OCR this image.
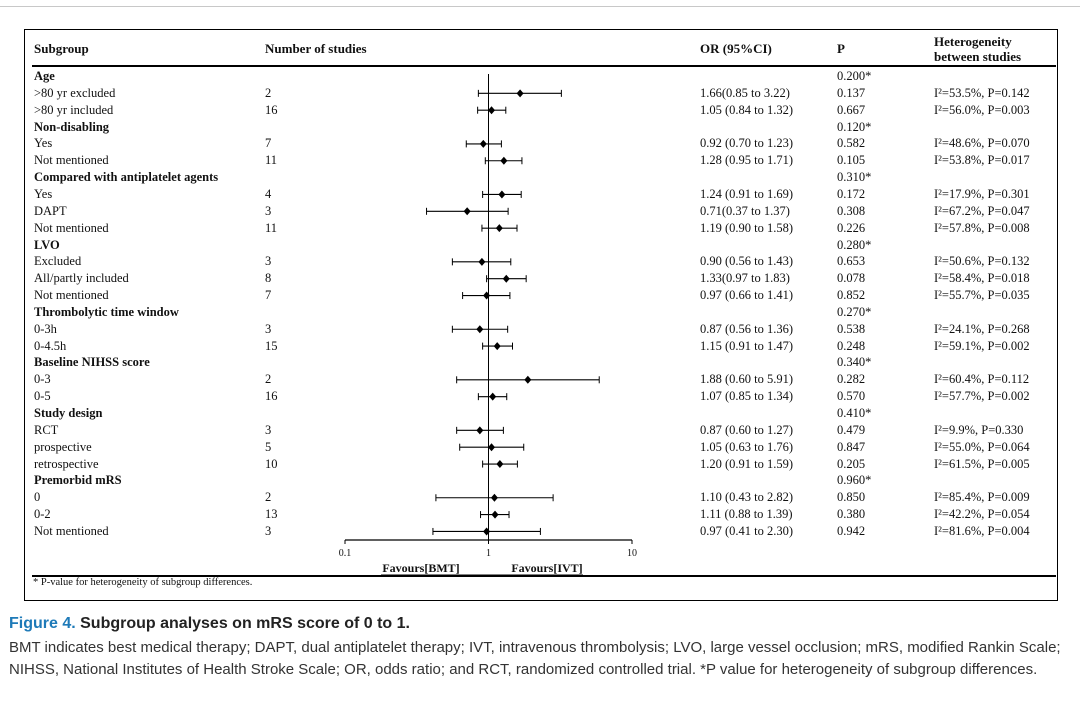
Subgroup	Number of studies	OR (95%CI)	P	Heterogeneity
between studies
Age	0.200*
>80 yr excluded	2	1.66(0.85 to 3.22)	0.137	I²=53.5%, P=0.142
>80 yr included	16	1.05 (0.84 to 1.32)	0.667	I²=56.0%, P=0.003
Non-disabling	0.120*
Yes	7	0.92 (0.70 to 1.23)	0.582	I²=48.6%, P=0.070
Not mentioned	11	1.28 (0.95 to 1.71)	0.105	I²=53.8%, P=0.017
Compared with antiplatelet agents	0.310*
Yes	4	1.24 (0.91 to 1.69)	0.172	I²=17.9%, P=0.301
DAPT	3	0.71(0.37 to 1.37)	0.308	I²=67.2%, P=0.047
Not mentioned	11	1.19 (0.90 to 1.58)	0.226	I²=57.8%, P=0.008
LVO	0.280*
Excluded	3	0.90 (0.56 to 1.43)	0.653	I²=50.6%, P=0.132
All/partly included	8	1.33(0.97 to 1.83)	0.078	I²=58.4%, P=0.018
Not mentioned	7	0.97 (0.66 to 1.41)	0.852	I²=55.7%, P=0.035
Thrombolytic time window	0.270*
0-3h	3	0.87 (0.56 to 1.36)	0.538	I²=24.1%, P=0.268
0-4.5h	15	1.15 (0.91 to 1.47)	0.248	I²=59.1%, P=0.002
Baseline NIHSS score	0.340*
0-3	2	1.88 (0.60 to 5.91)	0.282	I²=60.4%, P=0.112
0-5	16	1.07 (0.85 to 1.34)	0.570	I²=57.7%, P=0.002
Study design	0.410*
RCT	3	0.87 (0.60 to 1.27)	0.479	I²=9.9%, P=0.330
prospective	5	1.05 (0.63 to 1.76)	0.847	I²=55.0%, P=0.064
retrospective	10	1.20 (0.91 to 1.59)	0.205	I²=61.5%, P=0.005
Premorbid mRS	0.960*
0	2	1.10 (0.43 to 2.82)	0.850	I²=85.4%, P=0.009
0-2	13	1.11 (0.88 to 1.39)	0.380	I²=42.2%, P=0.054
Not mentioned	3	0.97 (0.41 to 2.30)	0.942	I²=81.6%, P=0.004
0.1	1	10
Favours[BMT]	Favours[IVT]
* P-value for heterogeneity of subgroup differences.
Figure 4. Subgroup analyses on mRS score of 0 to 1.
BMT indicates best medical therapy; DAPT, dual antiplatelet therapy; IVT, intravenous thrombolysis; LVO, large vessel occlusion; mRS, modified Rankin Scale; NIHSS, National Institutes of Health Stroke Scale; OR, odds ratio; and RCT, randomized controlled trial. *P value for heterogeneity of subgroup differences.
